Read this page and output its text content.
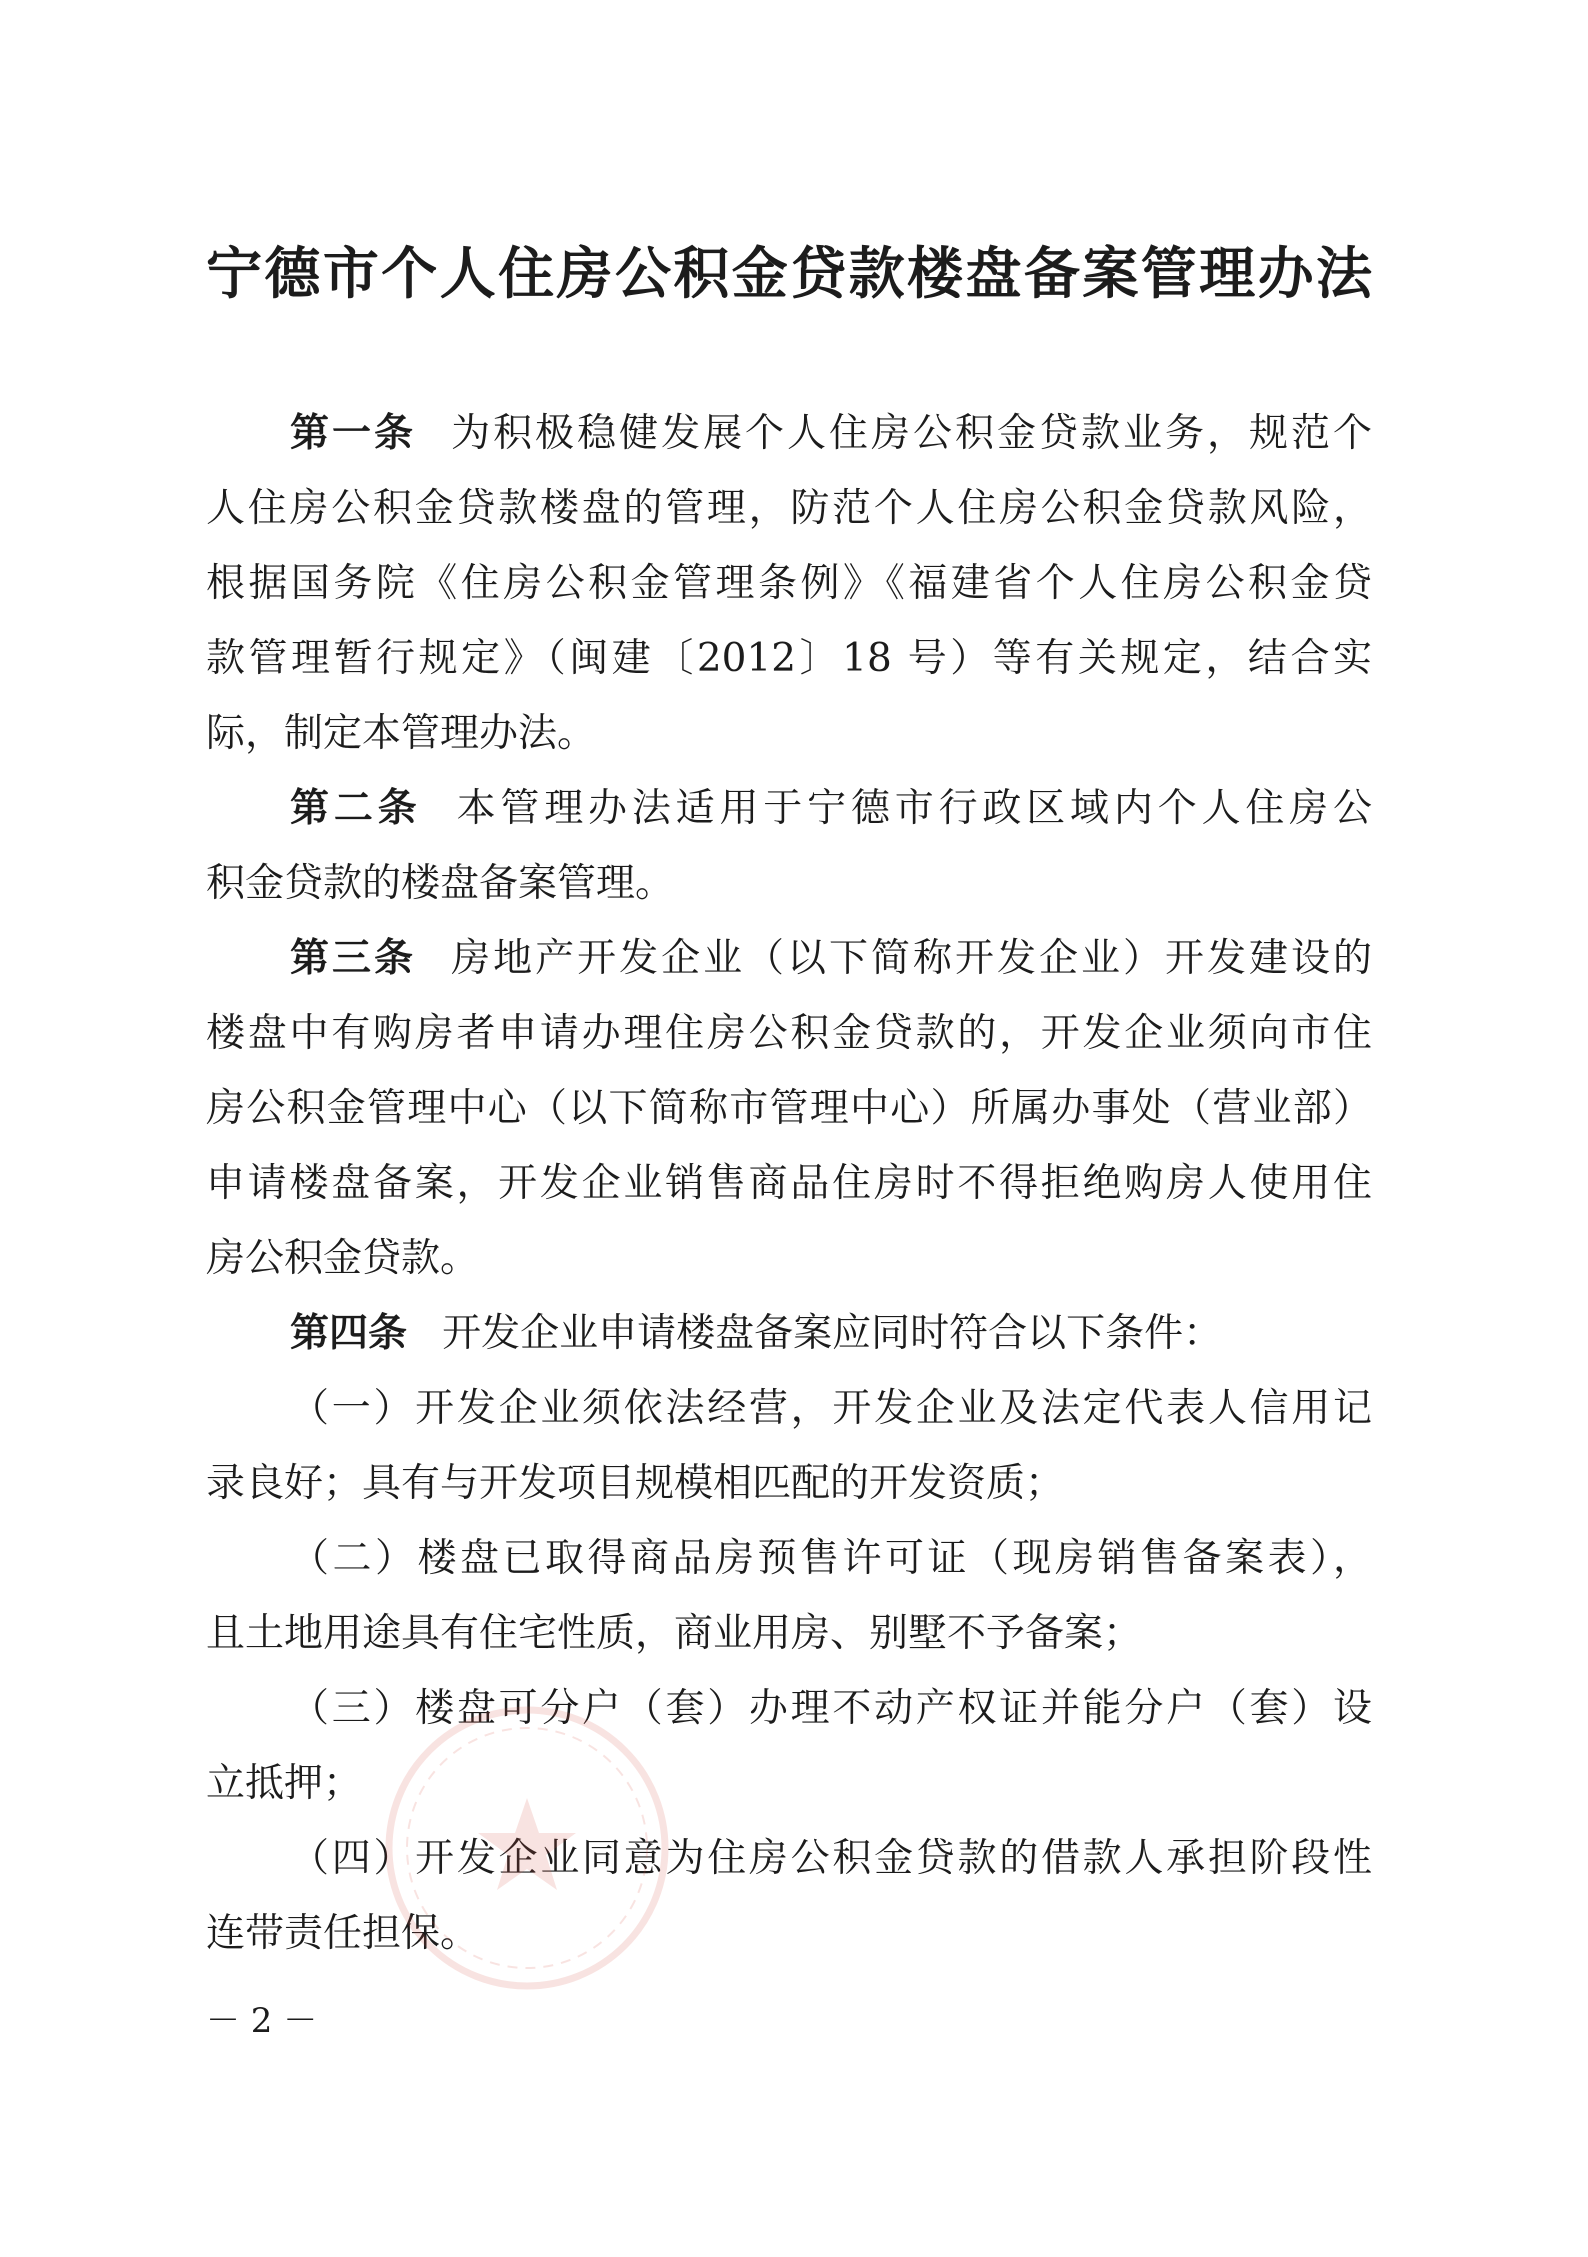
宁德市个人住房公积金贷款楼盘备案管理办法
第一条 为积极稳健发展个人住房公积金贷款业务，规范个
人住房公积金贷款楼盘的管理，防范个人住房公积金贷款风险，
根据国务院《住房公积金管理条例》《福建省个人住房公积金贷
款管理暂行规定》（闽建〔2012〕18 号）等有关规定，结合实
际，制定本管理办法。
第二条 本管理办法适用于宁德市行政区域内个人住房公
积金贷款的楼盘备案管理。
第三条 房地产开发企业（以下简称开发企业）开发建设的
楼盘中有购房者申请办理住房公积金贷款的，开发企业须向市住
房公积金管理中心（以下简称市管理中心）所属办事处（营业部）
申请楼盘备案，开发企业销售商品住房时不得拒绝购房人使用住
房公积金贷款。
第四条 开发企业申请楼盘备案应同时符合以下条件：
（一）开发企业须依法经营，开发企业及法定代表人信用记
录良好；具有与开发项目规模相匹配的开发资质；
（二）楼盘已取得商品房预售许可证（现房销售备案表），
且土地用途具有住宅性质，商业用房、别墅不予备案；
（三）楼盘可分户（套）办理不动产权证并能分户（套）设
立抵押；
（四）开发企业同意为住房公积金贷款的借款人承担阶段性
连带责任担保。
－ 2 －
